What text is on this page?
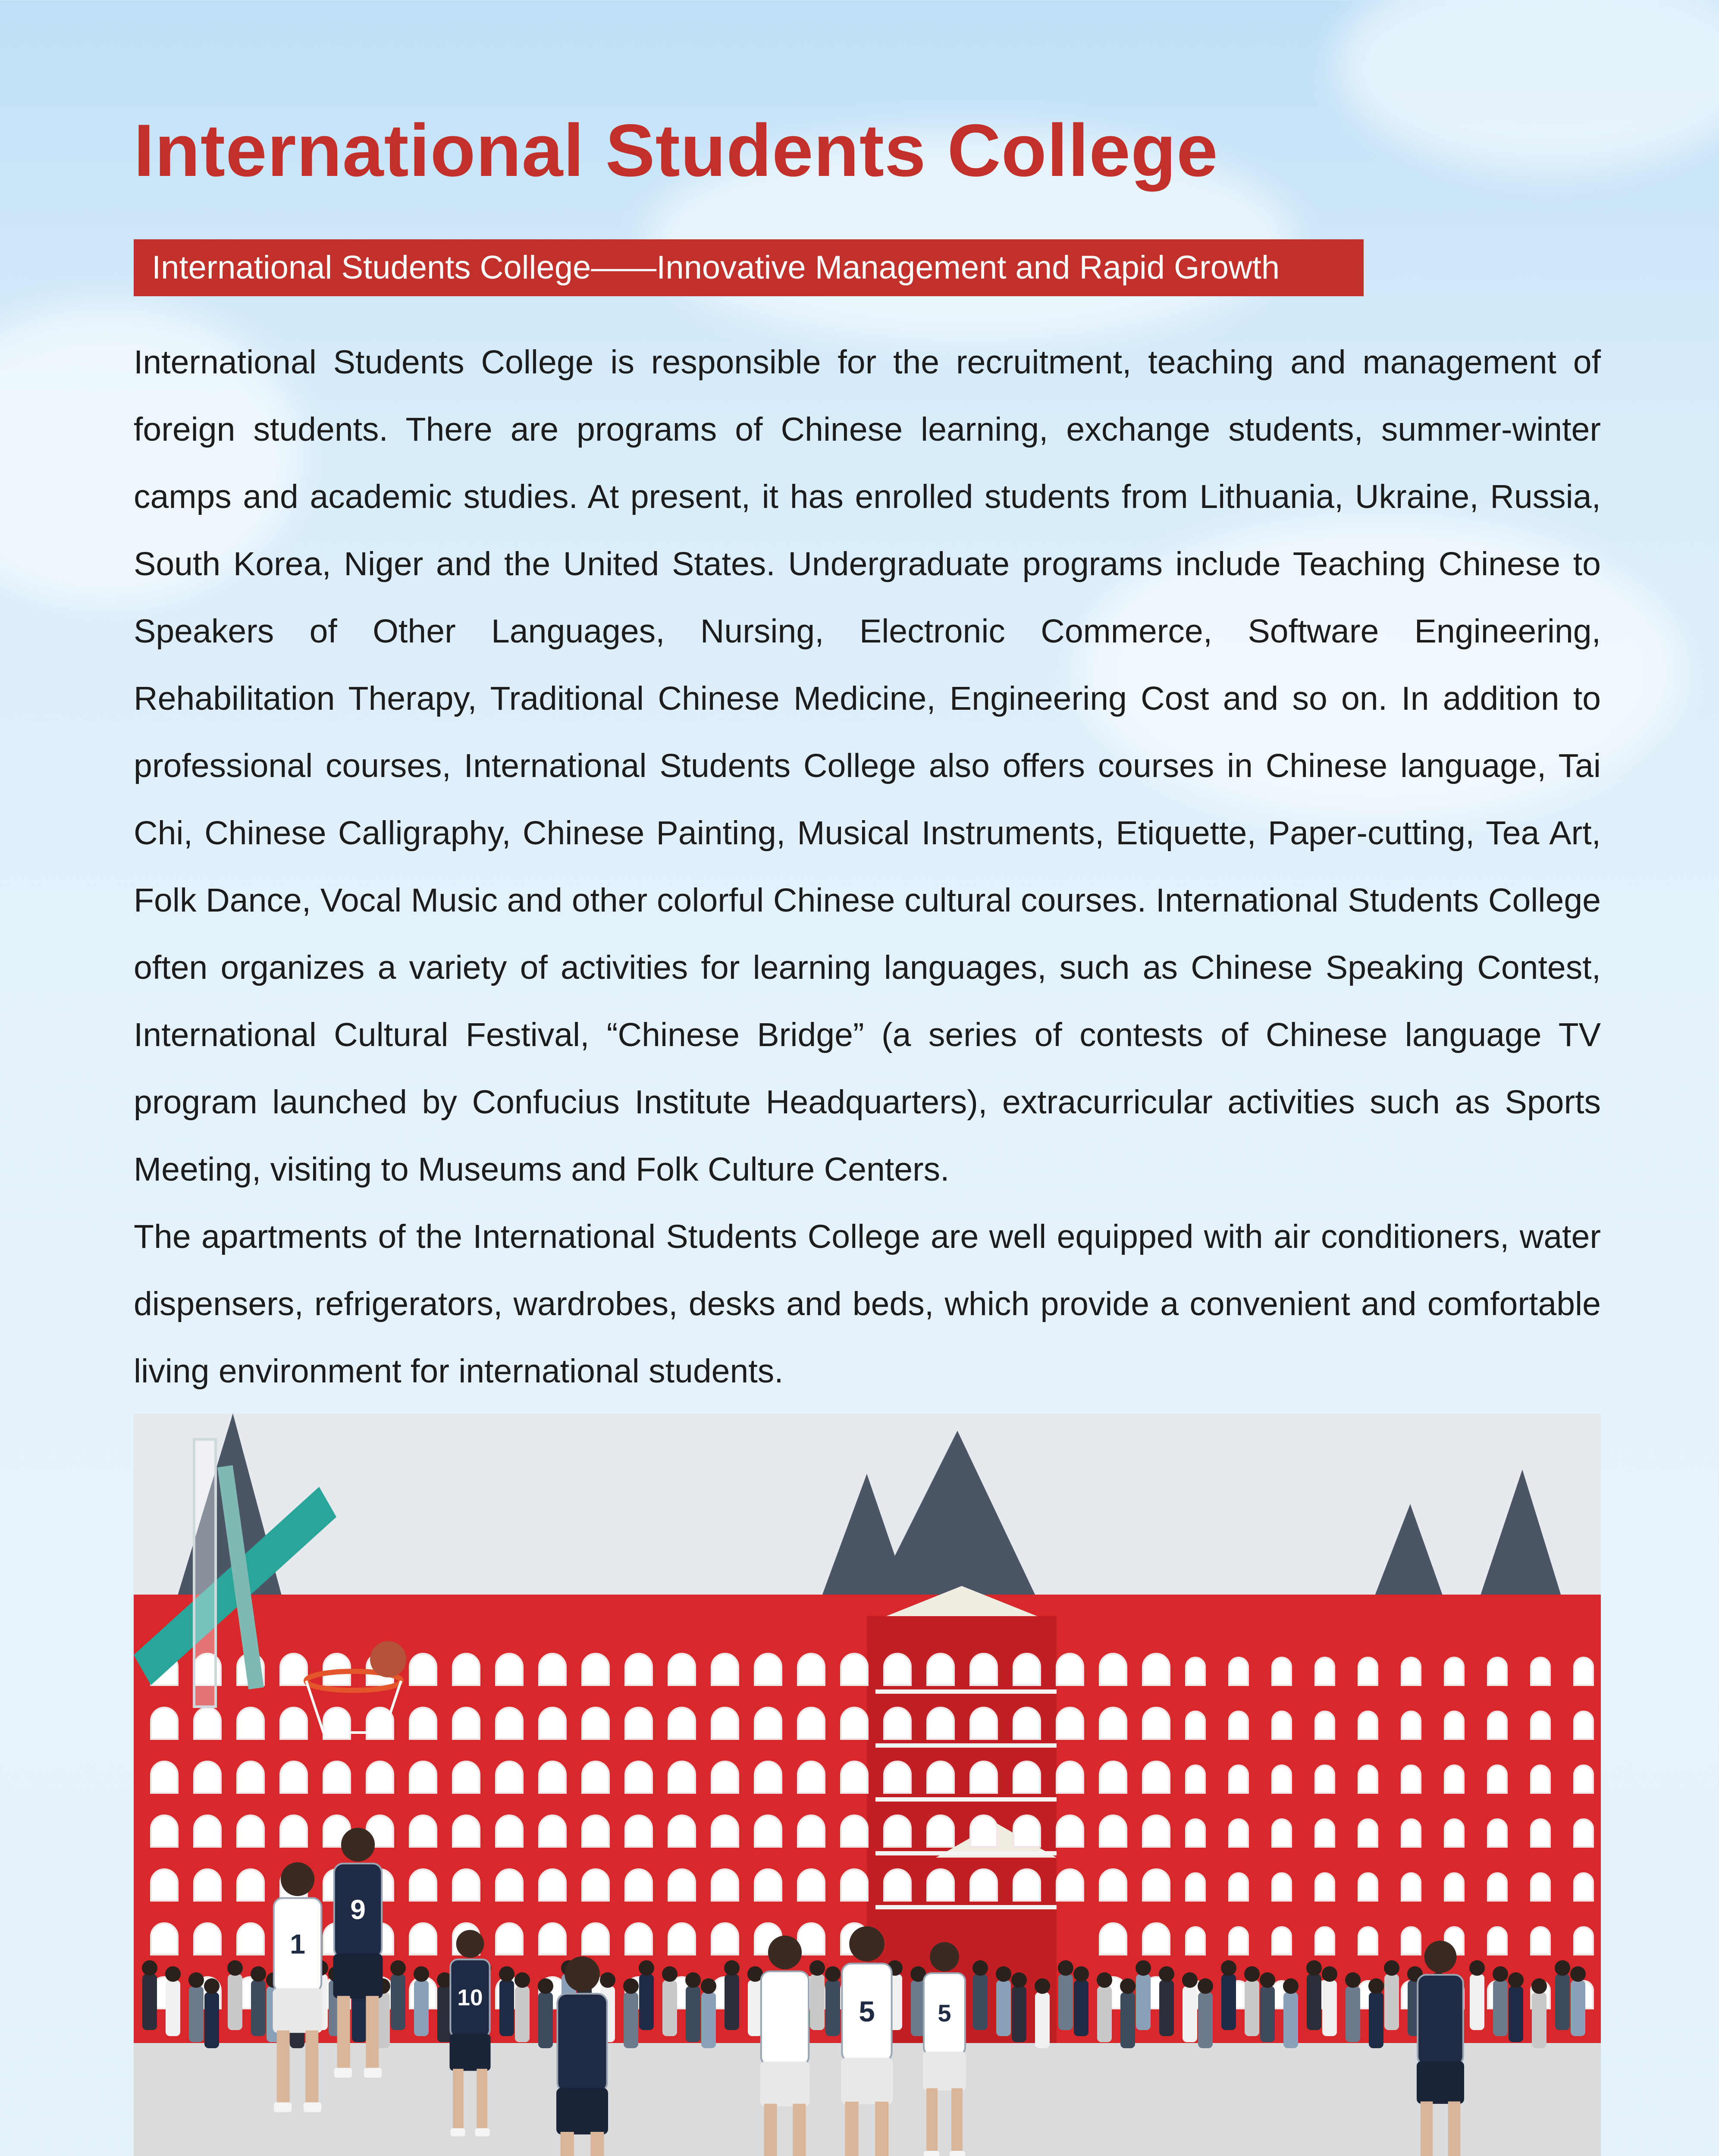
International Students College
International Students College——Innovative Management and Rapid Growth

International Students College is responsible for the recruitment, teaching and management of foreign students. There are programs of Chinese learning, exchange students, summer-winter camps and academic studies. At present, it has enrolled students from Lithuania, Ukraine, Russia, South Korea, Niger and the United States. Undergraduate programs include Teaching Chinese to Speakers of Other Languages, Nursing, Electronic Commerce, Software Engineering, Rehabilitation Therapy, Traditional Chinese Medicine, Engineering Cost and so on. In addition to professional courses, International Students College also offers courses in Chinese language, Tai Chi, Chinese Calligraphy, Chinese Painting, Musical Instruments, Etiquette, Paper-cutting, Tea Art, Folk Dance, Vocal Music and other colorful Chinese cultural courses. International Students College often organizes a variety of activities for learning languages, such as Chinese Speaking Contest, International Cultural Festival, “Chinese Bridge” (a series of contests of Chinese language TV program launched by Confucius Institute Headquarters), extracurricular activities such as Sports Meeting, visiting to Museums and Folk Culture Centers.

The apartments of the International Students College are well equipped with air conditioners, water dispensers, refrigerators, wardrobes, desks and beds, which provide a convenient and comfortable living environment for international students.

1
9
10	5	5
